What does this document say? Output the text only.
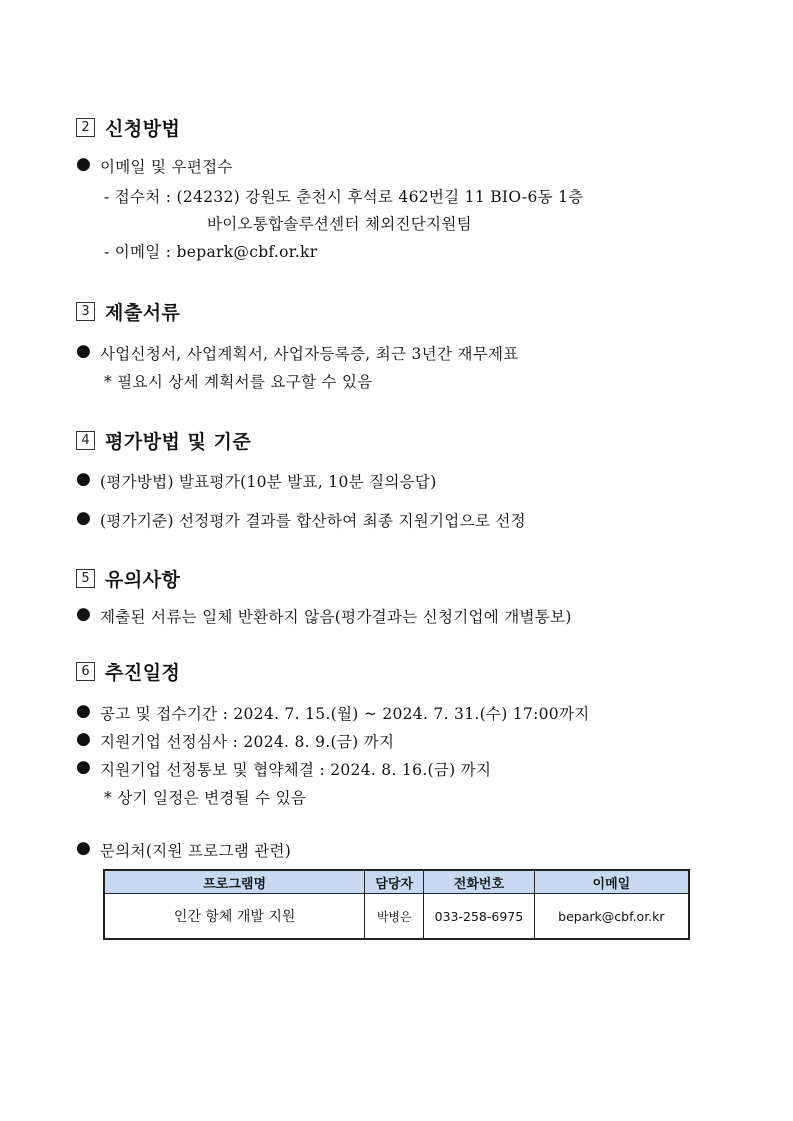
2 신청방법
● 이메일 및 우편접수
- 접수처 : (24232) 강원도 춘천시 후석로 462번길 11 BIO-6동 1층
바이오통합솔루션센터 체외진단지원팀
- 이메일 : bepark@cbf.or.kr
3 제출서류
● 사업신청서, 사업계획서, 사업자등록증, 최근 3년간 재무제표
* 필요시 상세 계획서를 요구할 수 있음
4 평가방법 및 기준
● (평가방법) 발표평가(10분 발표, 10분 질의응답)
● (평가기준) 선정평가 결과를 합산하여 최종 지원기업으로 선정
5 유의사항
● 제출된 서류는 일체 반환하지 않음(평가결과는 신청기업에 개별통보)
6 추진일정
● 공고 및 접수기간 : 2024. 7. 15.(월) ~ 2024. 7. 31.(수) 17:00까지
● 지원기업 선정심사 : 2024. 8. 9.(금) 까지
● 지원기업 선정통보 및 협약체결 : 2024. 8. 16.(금) 까지
* 상기 일정은 변경될 수 있음
● 문의처(지원 프로그램 관련)
프로그램명	담당자	전화번호	이메일
인간 항체 개발 지원	박병은	033-258-6975	bepark@cbf.or.kr
